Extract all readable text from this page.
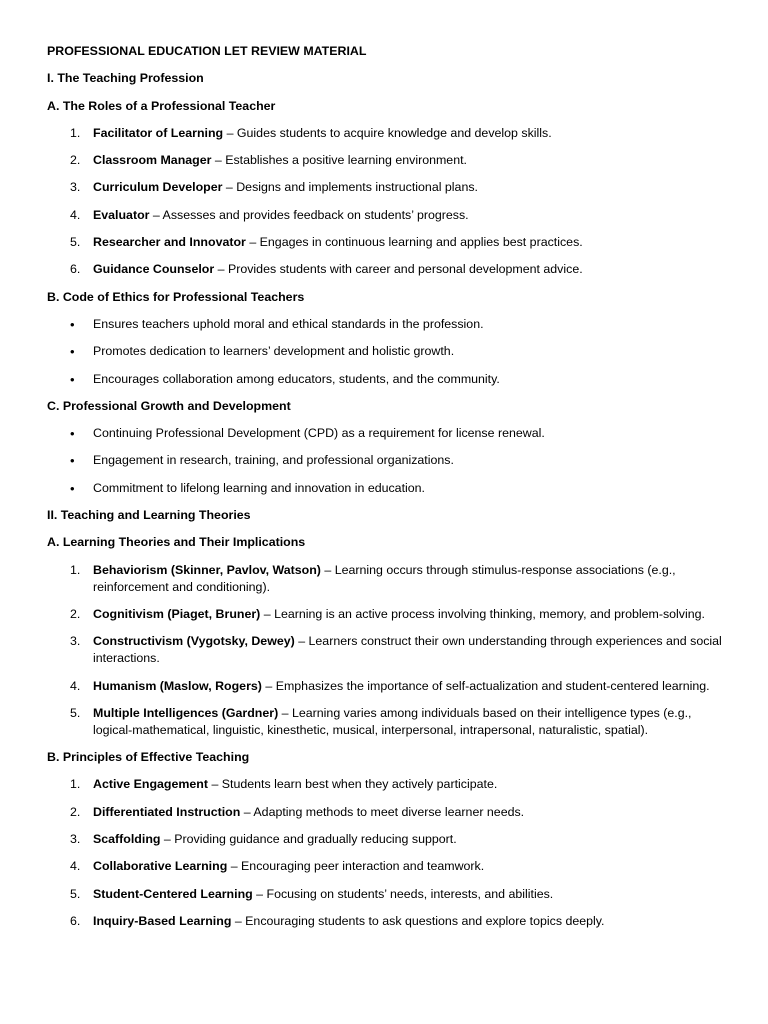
PROFESSIONAL EDUCATION LET REVIEW MATERIAL
I. The Teaching Profession
A. The Roles of a Professional Teacher
1. Facilitator of Learning – Guides students to acquire knowledge and develop skills.
2. Classroom Manager – Establishes a positive learning environment.
3. Curriculum Developer – Designs and implements instructional plans.
4. Evaluator – Assesses and provides feedback on students’ progress.
5. Researcher and Innovator – Engages in continuous learning and applies best practices.
6. Guidance Counselor – Provides students with career and personal development advice.
B. Code of Ethics for Professional Teachers
• Ensures teachers uphold moral and ethical standards in the profession.
• Promotes dedication to learners’ development and holistic growth.
• Encourages collaboration among educators, students, and the community.
C. Professional Growth and Development
• Continuing Professional Development (CPD) as a requirement for license renewal.
• Engagement in research, training, and professional organizations.
• Commitment to lifelong learning and innovation in education.
II. Teaching and Learning Theories
A. Learning Theories and Their Implications
1. Behaviorism (Skinner, Pavlov, Watson) – Learning occurs through stimulus-response associations (e.g., reinforcement and conditioning).
2. Cognitivism (Piaget, Bruner) – Learning is an active process involving thinking, memory, and problem-solving.
3. Constructivism (Vygotsky, Dewey) – Learners construct their own understanding through experiences and social interactions.
4. Humanism (Maslow, Rogers) – Emphasizes the importance of self-actualization and student-centered learning.
5. Multiple Intelligences (Gardner) – Learning varies among individuals based on their intelligence types (e.g., logical-mathematical, linguistic, kinesthetic, musical, interpersonal, intrapersonal, naturalistic, spatial).
B. Principles of Effective Teaching
1. Active Engagement – Students learn best when they actively participate.
2. Differentiated Instruction – Adapting methods to meet diverse learner needs.
3. Scaffolding – Providing guidance and gradually reducing support.
4. Collaborative Learning – Encouraging peer interaction and teamwork.
5. Student-Centered Learning – Focusing on students’ needs, interests, and abilities.
6. Inquiry-Based Learning – Encouraging students to ask questions and explore topics deeply.
